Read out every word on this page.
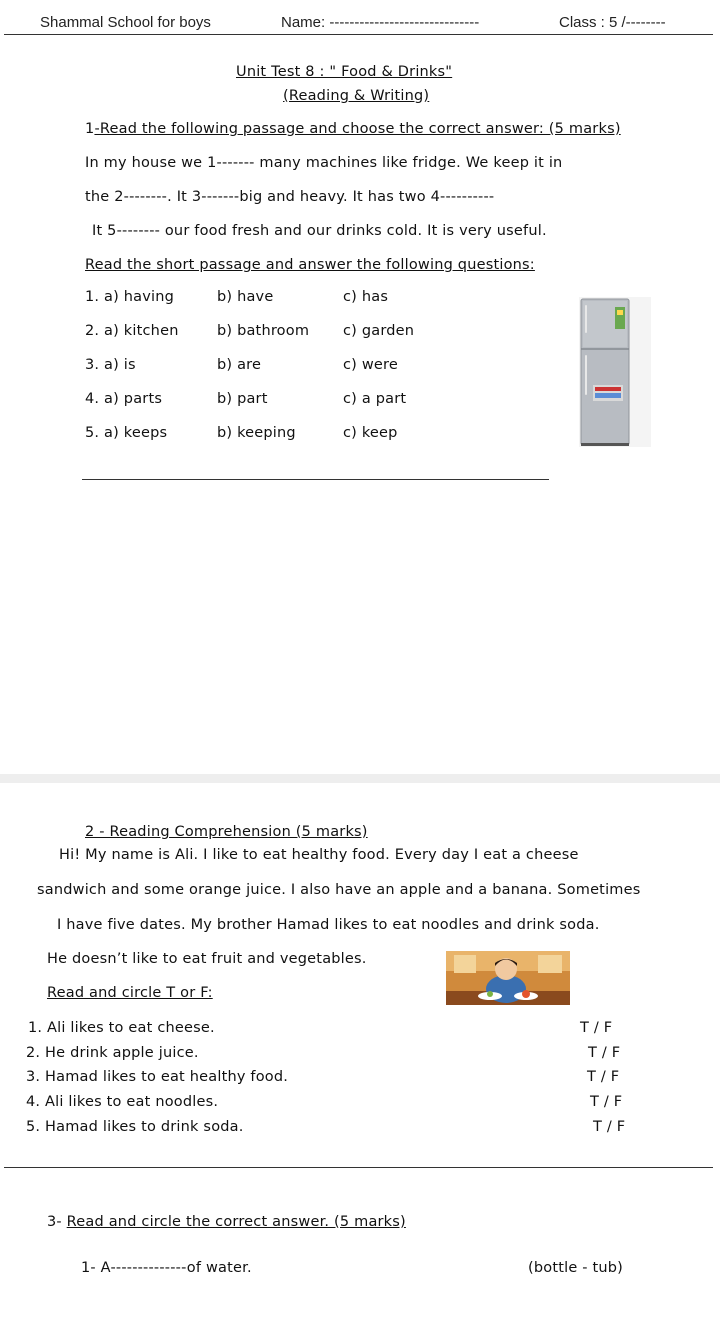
Shammal School for boys	Name: ------------------------------	Class : 5 /--------
Unit Test 8 : " Food & Drinks"
(Reading & Writing)
1-Read the following passage and choose the correct answer: (5 marks)
In my house we 1------- many machines like fridge. We keep it in
the 2--------. It 3-------big and heavy. It has two 4----------
It 5-------- our food fresh and our drinks cold. It is very useful.
Read the short passage and answer the following questions:
1. a) having	b) have	c) has
2. a) kitchen	b) bathroom c) garden
3. a) is	b) are	c) were
4. a) parts	b) part	c) a part
5. a) keeps	b) keeping	c) keep
2 - Reading Comprehension (5 marks)
Hi! My name is Ali. I like to eat healthy food. Every day I eat a cheese
sandwich and some orange juice. I also have an apple and a banana. Sometimes
I have five dates. My brother Hamad likes to eat noodles and drink soda.
He doesn’t like to eat fruit and vegetables.
Read and circle T or F:
1. Ali likes to eat cheese.	T / F
2. He drink apple juice.	T / F
3. Hamad likes to eat healthy food.	T / F
4. Ali likes to eat noodles.	T / F
5. Hamad likes to drink soda.	T / F
3- Read and circle the correct answer. (5 marks)
1- A--------------of water.	(bottle - tub)
